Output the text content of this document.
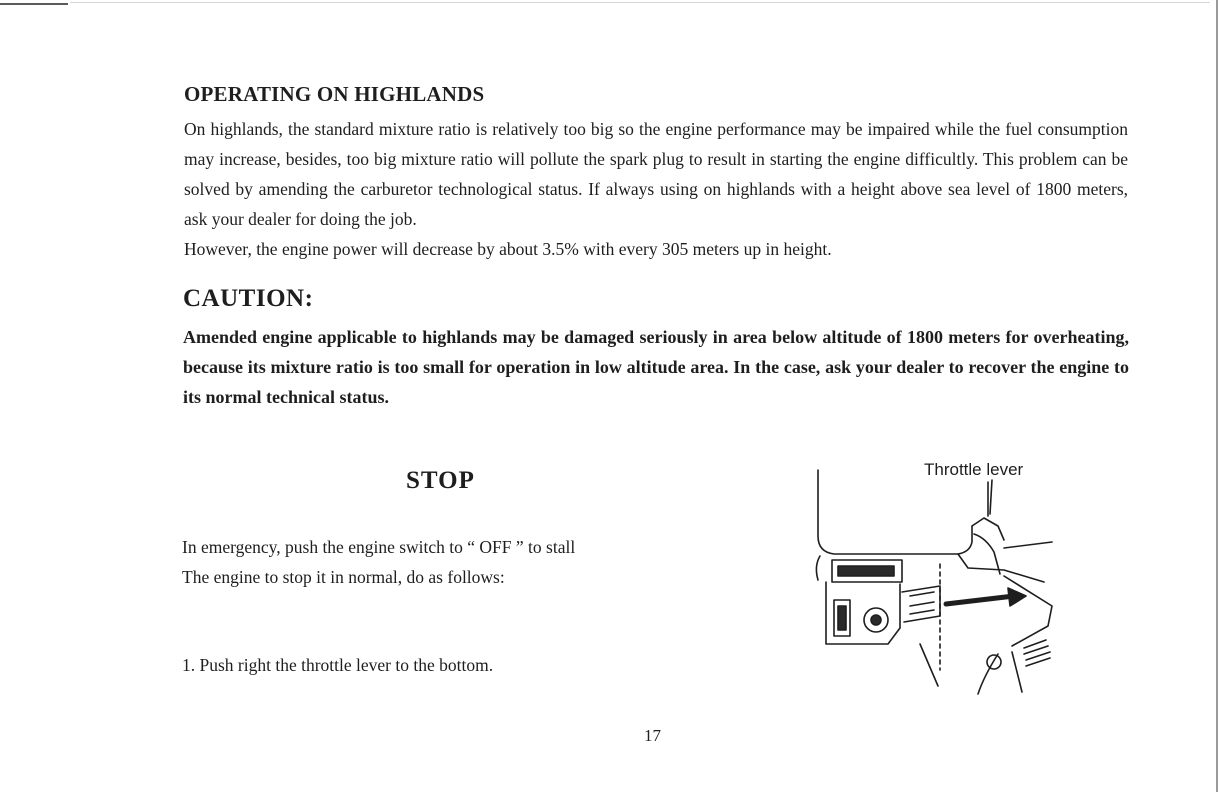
OPERATING ON HIGHLANDS

On highlands, the standard mixture ratio is relatively too big so the engine performance may be impaired while the fuel consumption may increase, besides, too big mixture ratio will pollute the spark plug to result in starting the engine difficultly. This problem can be solved by amending the carburetor technological status. If always using on highlands with a height above sea level of 1800 meters, ask your dealer for doing the job.

However, the engine power will decrease by about 3.5% with every 305 meters up in height.

CAUTION:

Amended engine applicable to highlands may be damaged seriously in area below altitude of 1800 meters for overheating, because its mixture ratio is too small for operation in low altitude area. In the case, ask your dealer to recover the engine to its normal technical status.

STOP

In emergency, push the engine switch to “ OFF ” to stall

The engine to stop it in normal, do as follows:

1. Push right the throttle lever to the bottom.

Throttle lever

17
